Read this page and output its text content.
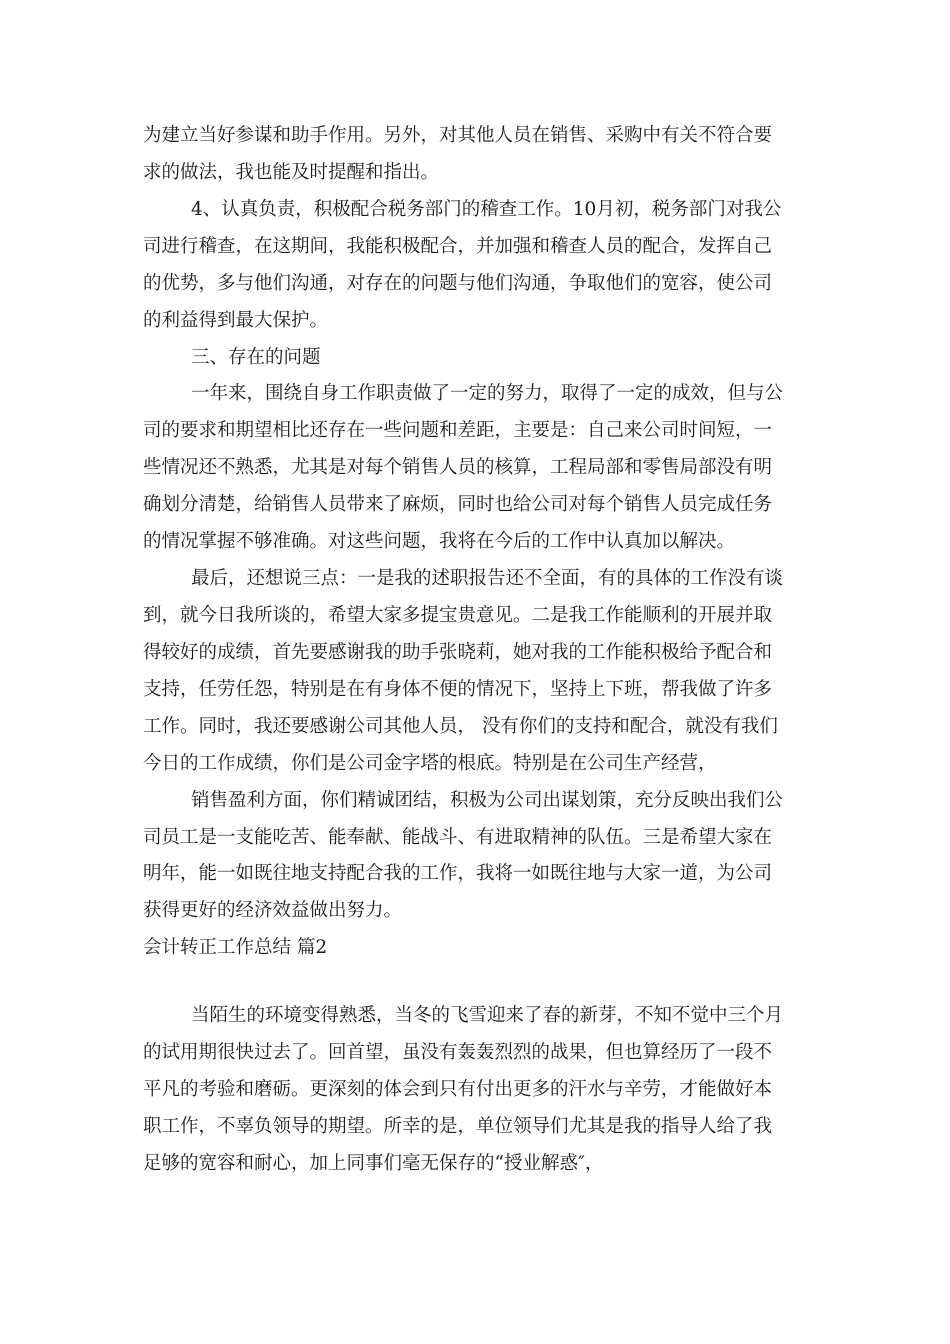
为建立当好参谋和助手作用。另外，对其他人员在销售、采购中有关不符合要

求的做法，我也能及时提醒和指出。

4、认真负责，积极配合税务部门的稽查工作。10月初，税务部门对我公

司进行稽查，在这期间，我能积极配合，并加强和稽查人员的配合，发挥自己

的优势，多与他们沟通，对存在的问题与他们沟通，争取他们的宽容，使公司

的利益得到最大保护。

三、存在的问题

一年来，围绕自身工作职责做了一定的努力，取得了一定的成效，但与公

司的要求和期望相比还存在一些问题和差距，主要是：自己来公司时间短，一

些情况还不熟悉，尤其是对每个销售人员的核算，工程局部和零售局部没有明

确划分清楚，给销售人员带来了麻烦，同时也给公司对每个销售人员完成任务

的情况掌握不够准确。对这些问题，我将在今后的工作中认真加以解决。

最后，还想说三点：一是我的述职报告还不全面，有的具体的工作没有谈

到，就今日我所谈的，希望大家多提宝贵意见。二是我工作能顺利的开展并取

得较好的成绩，首先要感谢我的助手张晓莉，她对我的工作能积极给予配合和

支持，任劳任怨，特别是在有身体不便的情况下，坚持上下班，帮我做了许多

工作。同时，我还要感谢公司其他人员， 没有你们的支持和配合，就没有我们

今日的工作成绩，你们是公司金字塔的根底。特别是在公司生产经营，

销售盈利方面，你们精诚团结，积极为公司出谋划策，充分反映出我们公

司员工是一支能吃苦、能奉献、能战斗、有进取精神的队伍。三是希望大家在

明年，能一如既往地支持配合我的工作，我将一如既往地与大家一道，为公司

获得更好的经济效益做出努力。

会计转正工作总结 篇2

当陌生的环境变得熟悉，当冬的飞雪迎来了春的新芽，不知不觉中三个月

的试用期很快过去了。回首望，虽没有轰轰烈烈的战果，但也算经历了一段不

平凡的考验和磨砺。更深刻的体会到只有付出更多的汗水与辛劳，才能做好本

职工作，不辜负领导的期望。所幸的是，单位领导们尤其是我的指导人给了我

足够的宽容和耐心，加上同事们毫无保存的“授业解惑″，
